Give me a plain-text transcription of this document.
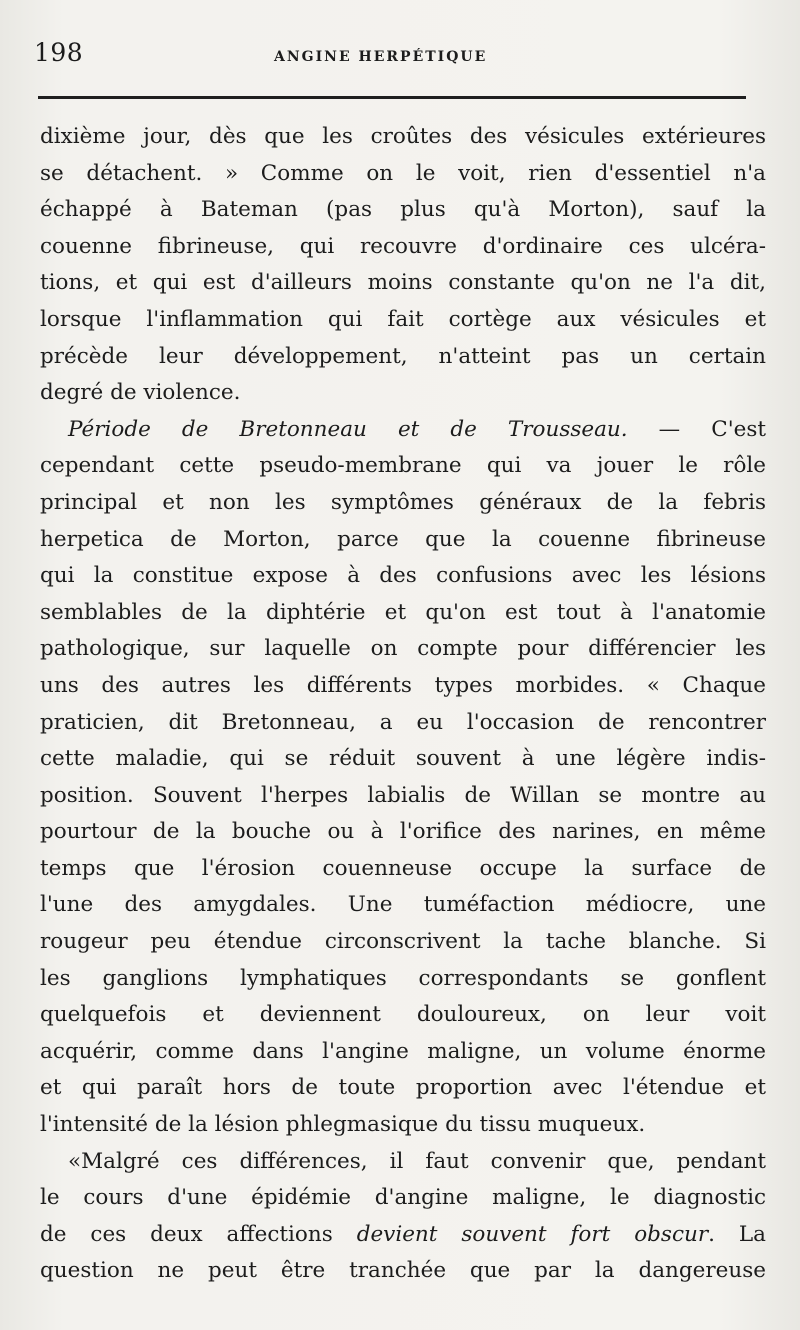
198	ANGINE HERPÉTIQUE
dixième jour, dès que les croûtes des vésicules extérieures
se détachent. » Comme on le voit, rien d'essentiel n'a
échappé à Bateman (pas plus qu'à Morton), sauf la
couenne fibrineuse, qui recouvre d'ordinaire ces ulcéra-
tions, et qui est d'ailleurs moins constante qu'on ne l'a dit,
lorsque l'inflammation qui fait cortège aux vésicules et
précède leur développement, n'atteint pas un certain
degré de violence.
Période de Bretonneau et de Trousseau. — C'est
cependant cette pseudo-membrane qui va jouer le rôle
principal et non les symptômes généraux de la febris
herpetica de Morton, parce que la couenne fibrineuse
qui la constitue expose à des confusions avec les lésions
semblables de la diphtérie et qu'on est tout à l'anatomie
pathologique, sur laquelle on compte pour différencier les
uns des autres les différents types morbides. « Chaque
praticien, dit Bretonneau, a eu l'occasion de rencontrer
cette maladie, qui se réduit souvent à une légère indis-
position. Souvent l'herpes labialis de Willan se montre au
pourtour de la bouche ou à l'orifice des narines, en même
temps que l'érosion couenneuse occupe la surface de
l'une des amygdales. Une tuméfaction médiocre, une
rougeur peu étendue circonscrivent la tache blanche. Si
les ganglions lymphatiques correspondants se gonflent
quelquefois et deviennent douloureux, on leur voit
acquérir, comme dans l'angine maligne, un volume énorme
et qui paraît hors de toute proportion avec l'étendue et
l'intensité de la lésion phlegmasique du tissu muqueux.
«Malgré ces différences, il faut convenir que, pendant
le cours d'une épidémie d'angine maligne, le diagnostic
de ces deux affections devient souvent fort obscur. La
question ne peut être tranchée que par la dangereuse
